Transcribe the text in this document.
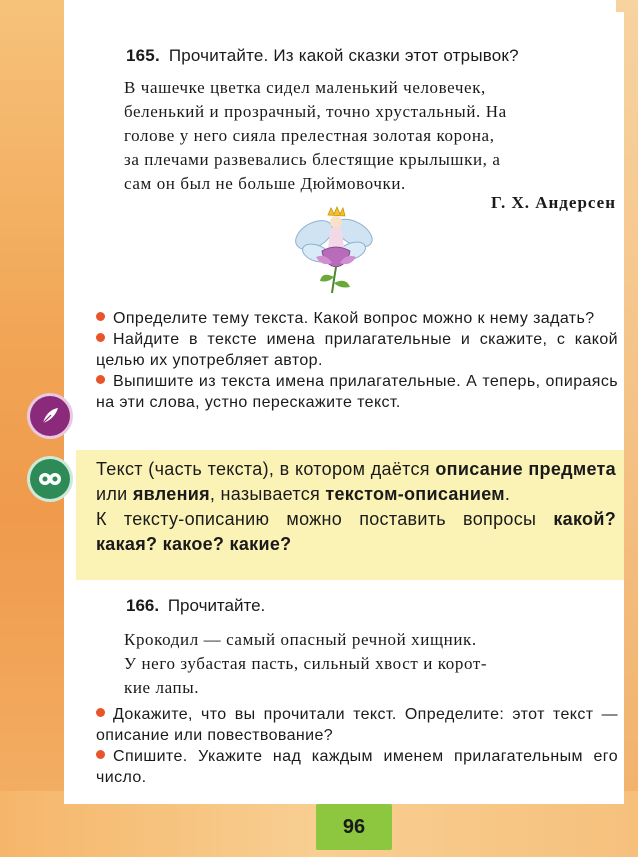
165. Прочитайте. Из какой сказки этот отрывок?

В чашечке цветка сидел маленький человечек,

беленький и прозрачный, точно хрустальный. На

голове у него сияла прелестная золотая корона,

за плечами развевались блестящие крылышки, а

сам он был не больше Дюймовочки.

Г. Х. Андерсен

Определите тему текста. Какой вопрос можно к нему задать?

Найдите в тексте имена прилагательные и скажите, с какой целью их употребляет автор.

Выпишите из текста имена прилагательные. А теперь, опираясь на эти слова, устно перескажите текст.

Текст (часть текста), в котором даётся описание предмета или явления, называется текстом-описанием.

К тексту-описанию можно поставить вопросы какой? какая? какое? какие?

166. Прочитайте.

Крокодил — самый опасный речной хищник.

У него зубастая пасть, сильный хвост и корот-

кие лапы.

Докажите, что вы прочитали текст. Определите: этот текст — описание или повествование?

Спишите. Укажите над каждым именем прилагательным его число.

96
